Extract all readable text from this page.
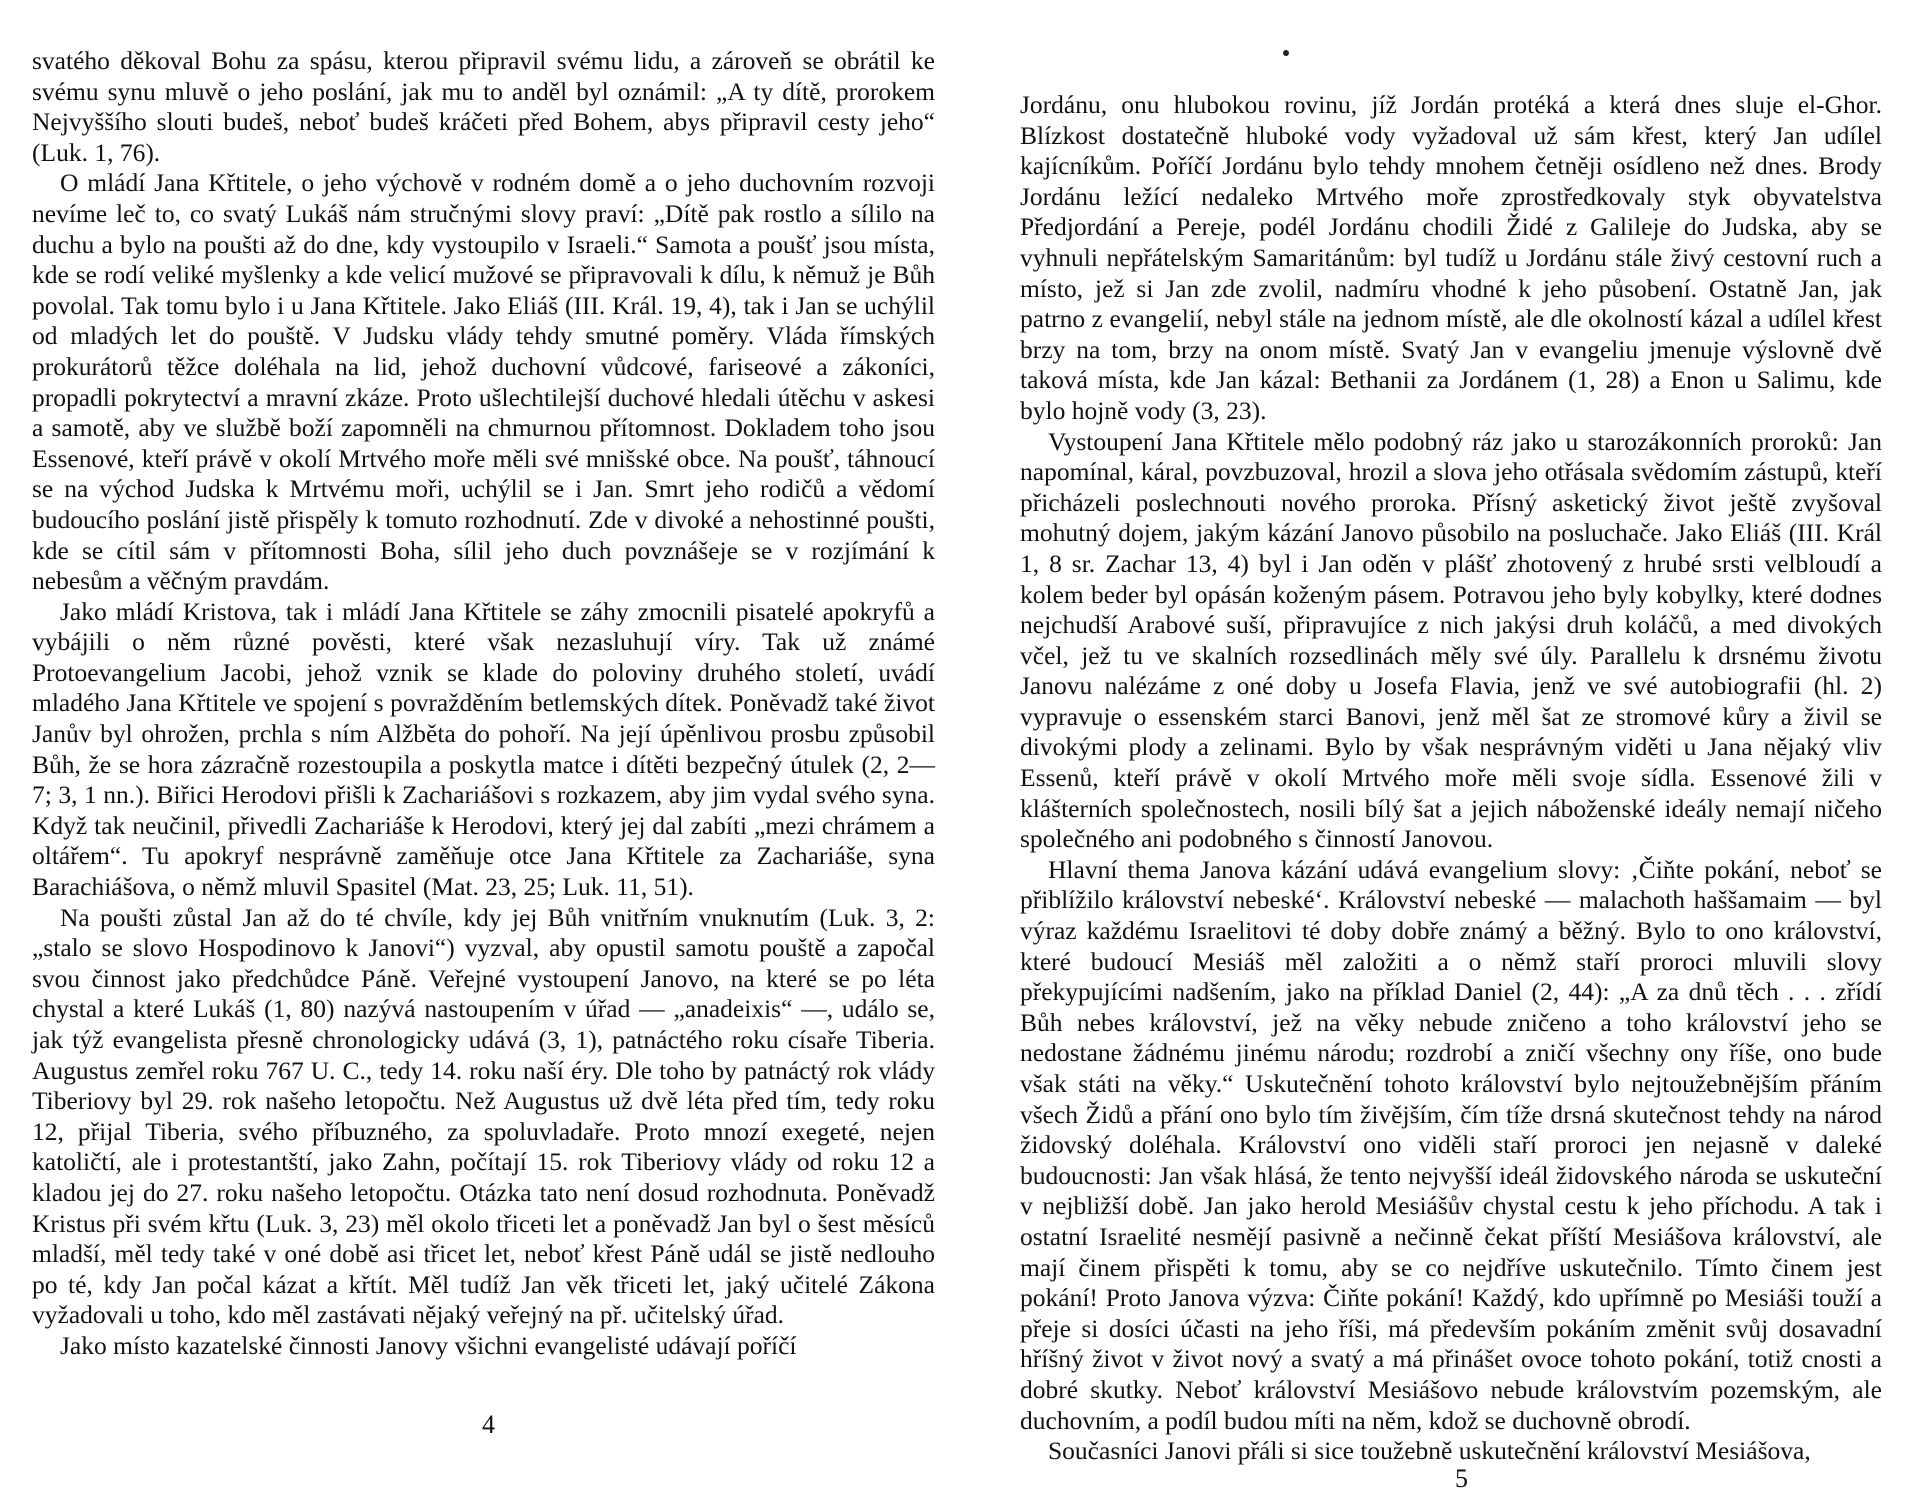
svatého děkoval Bohu za spásu, kterou připravil svému lidu, a zároveň se obrátil ke svému synu mluvě o jeho poslání, jak mu to anděl byl oznámil: „A ty dítě, prorokem Nejvyššího slouti budeš, neboť budeš kráčeti před Bohem, abys připravil cesty jeho“ (Luk. 1, 76).

O mládí Jana Křtitele, o jeho výchově v rodném domě a o jeho duchovním rozvoji nevíme leč to, co svatý Lukáš nám stručnými slovy praví: „Dítě pak rostlo a sílilo na duchu a bylo na poušti až do dne, kdy vystoupilo v Israeli.“ Samota a poušť jsou místa, kde se rodí veliké myšlenky a kde velicí mužové se připravovali k dílu, k němuž je Bůh povolal. Tak tomu bylo i u Jana Křtitele. Jako Eliáš (III. Král. 19, 4), tak i Jan se uchýlil od mladých let do pouště. V Judsku vlády tehdy smutné poměry. Vláda římských prokurátorů těžce doléhala na lid, jehož duchovní vůdcové, fariseové a zákoníci, propadli pokrytectví a mravní zkáze. Proto ušlechtilejší duchové hledali útěchu v askesi a samotě, aby ve službě boží zapomněli na chmurnou přítomnost. Dokladem toho jsou Essenové, kteří právě v okolí Mrtvého moře měli své mnišské obce. Na poušť, táhnoucí se na východ Judska k Mrtvému moři, uchýlil se i Jan. Smrt jeho rodičů a vědomí budoucího poslání jistě přispěly k tomuto rozhodnutí. Zde v divoké a nehostinné poušti, kde se cítil sám v přítomnosti Boha, sílil jeho duch povznášeje se v rozjímání k nebesům a věčným pravdám.

Jako mládí Kristova, tak i mládí Jana Křtitele se záhy zmocnili pisatelé apokryfů a vybájili o něm různé pověsti, které však nezasluhují víry. Tak už známé Protoevangelium Jacobi, jehož vznik se klade do poloviny druhého století, uvádí mladého Jana Křtitele ve spojení s povražděním betlemských dítek. Poněvadž také život Janův byl ohrožen, prchla s ním Alžběta do pohoří. Na její úpěnlivou prosbu způsobil Bůh, že se hora zázračně rozestoupila a poskytla matce i dítěti bezpečný útulek (2, 2—7; 3, 1 nn.). Biřici Herodovi přišli k Zachariášovi s rozkazem, aby jim vydal svého syna. Když tak neučinil, přivedli Zachariáše k Herodovi, který jej dal zabíti „mezi chrámem a oltářem“. Tu apokryf nesprávně zaměňuje otce Jana Křtitele za Zachariáše, syna Barachiášova, o němž mluvil Spasitel (Mat. 23, 25; Luk. 11, 51).

Na poušti zůstal Jan až do té chvíle, kdy jej Bůh vnitřním vnuknutím (Luk. 3, 2: „stalo se slovo Hospodinovo k Janovi“) vyzval, aby opustil samotu pouště a započal svou činnost jako předchůdce Páně. Veřejné vystoupení Janovo, na které se po léta chystal a které Lukáš (1, 80) nazývá nastoupením v úřad — „anadeixis“ —, událo se, jak týž evangelista přesně chronologicky udává (3, 1), patnáctého roku císaře Tiberia. Augustus zemřel roku 767 U. C., tedy 14. roku naší éry. Dle toho by patnáctý rok vlády Tiberiovy byl 29. rok našeho letopočtu. Než Augustus už dvě léta před tím, tedy roku 12, přijal Tiberia, svého příbuzného, za spoluvladaře. Proto mnozí exegeté, nejen katoličtí, ale i protestantští, jako Zahn, počítají 15. rok Tiberiovy vlády od roku 12 a kladou jej do 27. roku našeho letopočtu. Otázka tato není dosud rozhodnuta. Poněvadž Kristus při svém křtu (Luk. 3, 23) měl okolo třiceti let a poněvadž Jan byl o šest měsíců mladší, měl tedy také v oné době asi třicet let, neboť křest Páně udál se jistě nedlouho po té, kdy Jan počal kázat a křtít. Měl tudíž Jan věk třiceti let, jaký učitelé Zákona vyžadovali u toho, kdo měl zastávati nějaký veřejný na př. učitelský úřad.

Jako místo kazatelské činnosti Janovy všichni evangelisté udávají poříčí

4

Jordánu, onu hlubokou rovinu, jíž Jordán protéká a která dnes sluje el-Ghor. Blízkost dostatečně hluboké vody vyžadoval už sám křest, který Jan udílel kajícníkům. Poříčí Jordánu bylo tehdy mnohem četněji osídleno než dnes. Brody Jordánu ležící nedaleko Mrtvého moře zprostředkovaly styk obyvatelstva Předjordání a Pereje, podél Jordánu chodili Židé z Galileje do Judska, aby se vyhnuli nepřátelským Samaritánům: byl tudíž u Jordánu stále živý cestovní ruch a místo, jež si Jan zde zvolil, nadmíru vhodné k jeho působení. Ostatně Jan, jak patrno z evangelií, nebyl stále na jednom místě, ale dle okolností kázal a udílel křest brzy na tom, brzy na onom místě. Svatý Jan v evangeliu jmenuje výslovně dvě taková místa, kde Jan kázal: Bethanii za Jordánem (1, 28) a Enon u Salimu, kde bylo hojně vody (3, 23).

Vystoupení Jana Křtitele mělo podobný ráz jako u starozákonních proroků: Jan napomínal, káral, povzbuzoval, hrozil a slova jeho otřásala svědomím zástupů, kteří přicházeli poslechnouti nového proroka. Přísný asketický život ještě zvyšoval mohutný dojem, jakým kázání Janovo působilo na posluchače. Jako Eliáš (III. Král 1, 8 sr. Zachar 13, 4) byl i Jan oděn v plášť zhotovený z hrubé srsti velbloudí a kolem beder byl opásán koženým pásem. Potravou jeho byly kobylky, které dodnes nejchudší Arabové suší, připravujíce z nich jakýsi druh koláčů, a med divokých včel, jež tu ve skalních rozsedlinách měly své úly. Parallelu k drsnému životu Janovu nalézáme z oné doby u Josefa Flavia, jenž ve své autobiografii (hl. 2) vypravuje o essenském starci Banovi, jenž měl šat ze stromové kůry a živil se divokými plody a zelinami. Bylo by však nesprávným viděti u Jana nějaký vliv Essenů, kteří právě v okolí Mrtvého moře měli svoje sídla. Essenové žili v klášterních společnostech, nosili bílý šat a jejich náboženské ideály nemají ničeho společného ani podobného s činností Janovou.

Hlavní thema Janova kázání udává evangelium slovy: ‚Čiňte pokání, neboť se přiblížilo království nebeské‘. Království nebeské — malachoth haššamaim — byl výraz každému Israelitovi té doby dobře známý a běžný. Bylo to ono království, které budoucí Mesiáš měl založiti a o němž staří proroci mluvili slovy překypujícími nadšením, jako na příklad Daniel (2, 44): „A za dnů těch . . . zřídí Bůh nebes království, jež na věky nebude zničeno a toho království jeho se nedostane žádnému jinému národu; rozdrobí a zničí všechny ony říše, ono bude však státi na věky.“ Uskutečnění tohoto království bylo nejtoužebnějším přáním všech Židů a přání ono bylo tím živějším, čím tíže drsná skutečnost tehdy na národ židovský doléhala. Království ono viděli staří proroci jen nejasně v daleké budoucnosti: Jan však hlásá, že tento nejvyšší ideál židovského národa se uskuteční v nejbližší době. Jan jako herold Mesiášův chystal cestu k jeho příchodu. A tak i ostatní Israelité nesmějí pasivně a nečinně čekat příští Mesiášova království, ale mají činem přispěti k tomu, aby se co nejdříve uskutečnilo. Tímto činem jest pokání! Proto Janova výzva: Čiňte pokání! Každý, kdo upřímně po Mesiáši touží a přeje si dosíci účasti na jeho říši, má především pokáním změnit svůj dosavadní hříšný život v život nový a svatý a má přinášet ovoce tohoto pokání, totiž cnosti a dobré skutky. Neboť království Mesiášovo nebude královstvím pozemským, ale duchovním, a podíl budou míti na něm, kdož se duchovně obrodí.

Současníci Janovi přáli si sice toužebně uskutečnění království Mesiášova,

5
